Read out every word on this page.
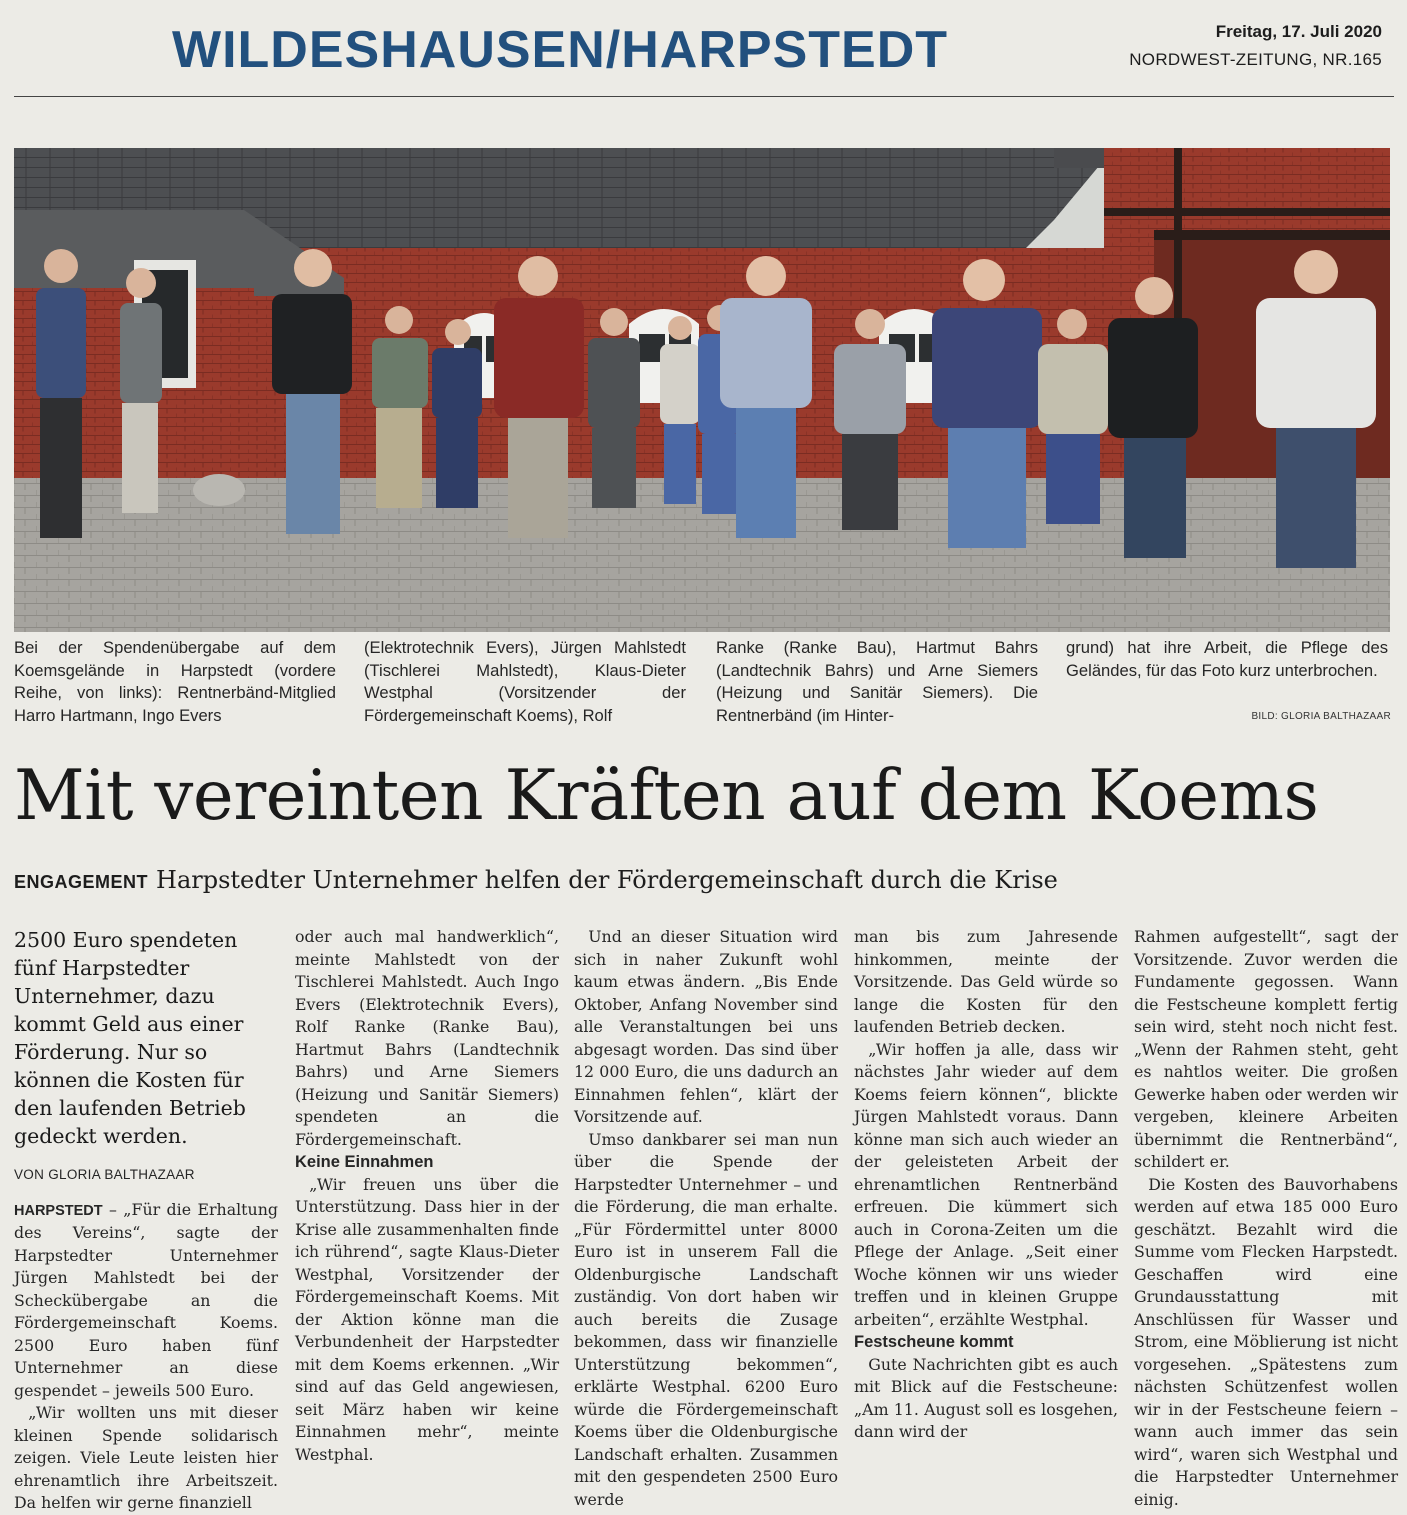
WILDESHAUSEN/HARPSTEDT	Freitag, 17. Juli 2020
NORDWEST-ZEITUNG, NR.165
Bei der Spendenübergabe auf dem Koemsgelände in Harpstedt (vordere Reihe, von links): Rentnerbänd-Mitglied Harro Hartmann, Ingo Evers
(Elektrotechnik Evers), Jürgen Mahlstedt (Tischlerei Mahlstedt), Klaus-Dieter Westphal (Vorsitzender der Fördergemeinschaft Koems), Rolf
Ranke (Ranke Bau), Hartmut Bahrs (Landtechnik Bahrs) und Arne Siemers (Heizung und Sanitär Siemers). Die Rentnerbänd (im Hinter-
grund) hat ihre Arbeit, die Pflege des Geländes, für das Foto kurz unterbrochen.
BILD: GLORIA BALTHAZAAR
Mit vereinten Kräften auf dem Koems
ENGAGEMENT Harpstedter Unternehmer helfen der Fördergemeinschaft durch die Krise

2500 Euro spendeten fünf Harpstedter Unternehmer, dazu kommt Geld aus einer Förderung. Nur so können die Kosten für den laufenden Betrieb gedeckt werden.

VON GLORIA BALTHAZAAR

HARPSTEDT – „Für die Erhaltung des Vereins“, sagte der Harpstedter Unternehmer Jürgen Mahlstedt bei der Scheckübergabe an die Fördergemeinschaft Koems. 2500 Euro haben fünf Unternehmer an diese gespendet – jeweils 500 Euro.

„Wir wollten uns mit dieser kleinen Spende solidarisch zeigen. Viele Leute leisten hier ehrenamtlich ihre Arbeitszeit. Da helfen wir gerne finanziell

oder auch mal handwerklich“, meinte Mahlstedt von der Tischlerei Mahlstedt. Auch Ingo Evers (Elektrotechnik Evers), Rolf Ranke (Ranke Bau), Hartmut Bahrs (Landtechnik Bahrs) und Arne Siemers (Heizung und Sanitär Siemers) spendeten an die Fördergemeinschaft.

Keine Einnahmen

„Wir freuen uns über die Unterstützung. Dass hier in der Krise alle zusammenhalten finde ich rührend“, sagte Klaus-Dieter Westphal, Vorsitzender der Fördergemeinschaft Koems. Mit der Aktion könne man die Verbundenheit der Harpstedter mit dem Koems erkennen. „Wir sind auf das Geld angewiesen, seit März haben wir keine Einnahmen mehr“, meinte Westphal.

Und an dieser Situation wird sich in naher Zukunft wohl kaum etwas ändern. „Bis Ende Oktober, Anfang November sind alle Veranstaltungen bei uns abgesagt worden. Das sind über 12 000 Euro, die uns dadurch an Einnahmen fehlen“, klärt der Vorsitzende auf.

Umso dankbarer sei man nun über die Spende der Harpstedter Unternehmer – und die Förderung, die man erhalte. „Für Fördermittel unter 8000 Euro ist in unserem Fall die Oldenburgische Landschaft zuständig. Von dort haben wir auch bereits die Zusage bekommen, dass wir finanzielle Unterstützung bekommen“, erklärte Westphal. 6200 Euro würde die Fördergemeinschaft Koems über die Oldenburgische Landschaft erhalten. Zusammen mit den gespendeten 2500 Euro werde

man bis zum Jahresende hinkommen, meinte der Vorsitzende. Das Geld würde so lange die Kosten für den laufenden Betrieb decken.

„Wir hoffen ja alle, dass wir nächstes Jahr wieder auf dem Koems feiern können“, blickte Jürgen Mahlstedt voraus. Dann könne man sich auch wieder an der geleisteten Arbeit der ehrenamtlichen Rentnerbänd erfreuen. Die kümmert sich auch in Corona-Zeiten um die Pflege der Anlage. „Seit einer Woche können wir uns wieder treffen und in kleinen Gruppe arbeiten“, erzählte Westphal.

Festscheune kommt

Gute Nachrichten gibt es auch mit Blick auf die Festscheune: „Am 11. August soll es losgehen, dann wird der

Rahmen aufgestellt“, sagt der Vorsitzende. Zuvor werden die Fundamente gegossen. Wann die Festscheune komplett fertig sein wird, steht noch nicht fest. „Wenn der Rahmen steht, geht es nahtlos weiter. Die großen Gewerke haben oder werden wir vergeben, kleinere Arbeiten übernimmt die Rentnerbänd“, schildert er.

Die Kosten des Bauvorhabens werden auf etwa 185 000 Euro geschätzt. Bezahlt wird die Summe vom Flecken Harpstedt. Geschaffen wird eine Grundausstattung mit Anschlüssen für Wasser und Strom, eine Möblierung ist nicht vorgesehen. „Spätestens zum nächsten Schützenfest wollen wir in der Festscheune feiern – wann auch immer das sein wird“, waren sich Westphal und die Harpstedter Unternehmer einig.
